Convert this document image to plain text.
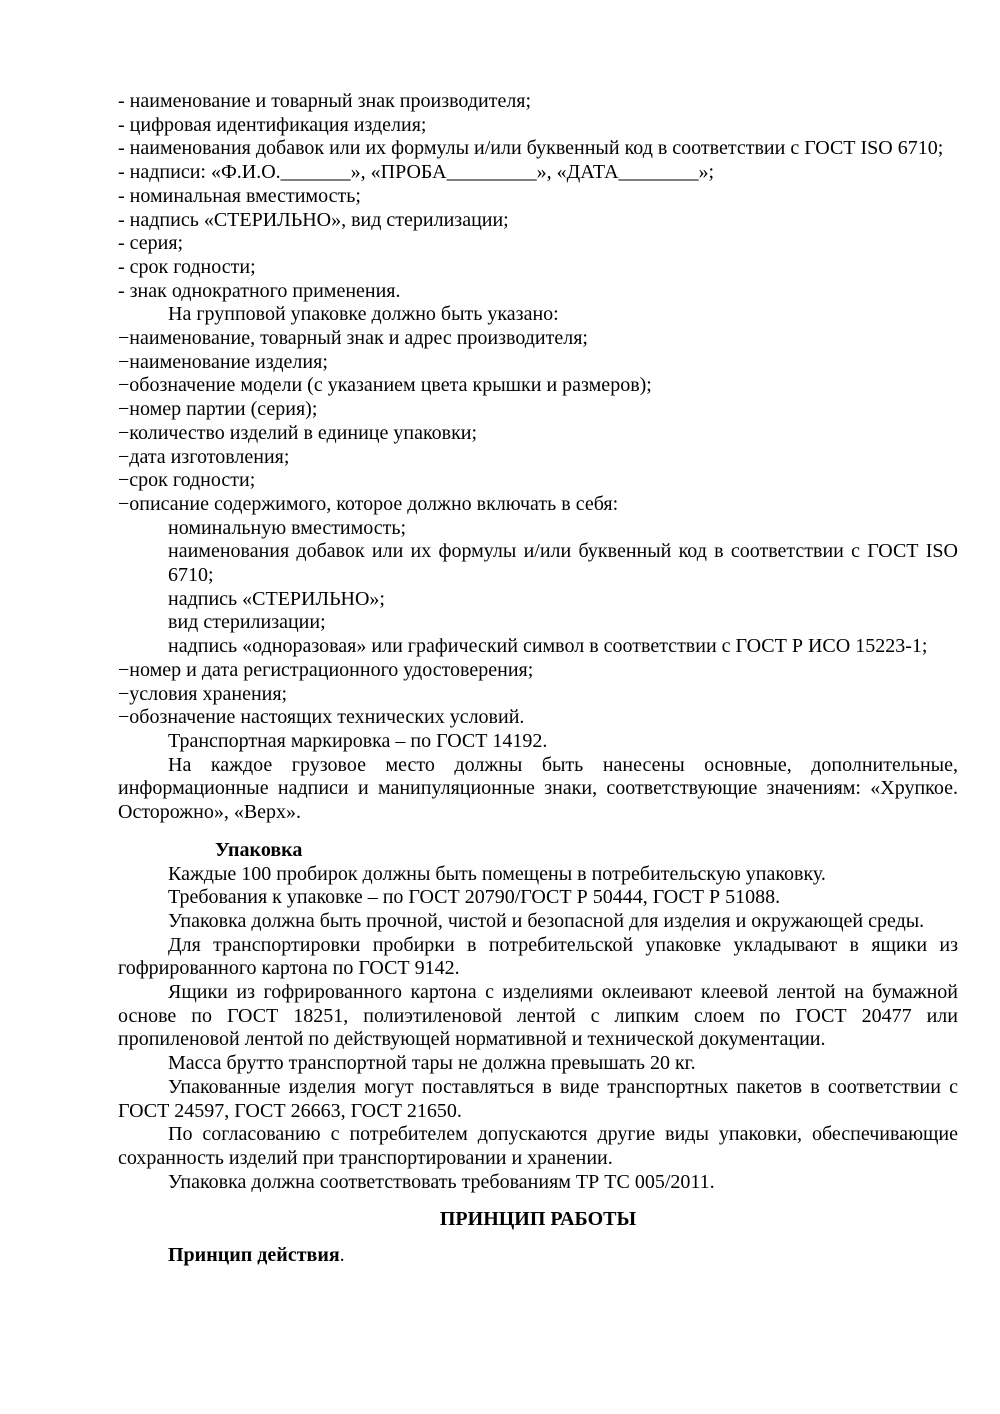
- наименование и товарный знак производителя;

- цифровая идентификация изделия;

- наименования добавок или их формулы и/или буквенный код в соответствии с ГОСТ ISO 6710;

- надписи: «Ф.И.О._______», «ПРОБА_________», «ДАТА________»;

- номинальная вместимость;

- надпись «СТЕРИЛЬНО», вид стерилизации;

- серия;

- срок годности;

- знак однократного применения.

На групповой упаковке должно быть указано:

−наименование, товарный знак и адрес производителя;

−наименование изделия;

−обозначение модели (с указанием цвета крышки и размеров);

−номер партии (серия);

−количество изделий в единице упаковки;

−дата изготовления;

−срок годности;

−описание содержимого, которое должно включать в себя:

номинальную вместимость;

наименования добавок или их формулы и/или буквенный код в соответствии с ГОСТ ISO 6710;

надпись «СТЕРИЛЬНО»;

вид стерилизации;

надпись «одноразовая» или графический символ в соответствии с ГОСТ Р ИСО 15223-1;

−номер и дата регистрационного удостоверения;

−условия хранения;

−обозначение настоящих технических условий.

Транспортная маркировка – по ГОСТ 14192.

На каждое грузовое место должны быть нанесены основные, дополнительные, информационные надписи и манипуляционные знаки, соответствующие значениям: «Хрупкое. Осторожно», «Верх».

Упаковка

Каждые 100 пробирок должны быть помещены в потребительскую упаковку.

Требования к упаковке – по ГОСТ 20790/ГОСТ Р 50444, ГОСТ Р 51088.

Упаковка должна быть прочной, чистой и безопасной для изделия и окружающей среды.

Для транспортировки пробирки в потребительской упаковке укладывают в ящики из гофрированного картона по ГОСТ 9142.

Ящики из гофрированного картона с изделиями оклеивают клеевой лентой на бумажной основе по ГОСТ 18251, полиэтиленовой лентой с липким слоем по ГОСТ 20477 или пропиленовой лентой по действующей нормативной и технической документации.

Масса брутто транспортной тары не должна превышать 20 кг.

Упакованные изделия могут поставляться в виде транспортных пакетов в соответствии с ГОСТ 24597, ГОСТ 26663, ГОСТ 21650.

По согласованию с потребителем допускаются другие виды упаковки, обеспечивающие сохранность изделий при транспортировании и хранении.

Упаковка должна соответствовать требованиям ТР ТС 005/2011.

ПРИНЦИП РАБОТЫ

Принцип действия.
